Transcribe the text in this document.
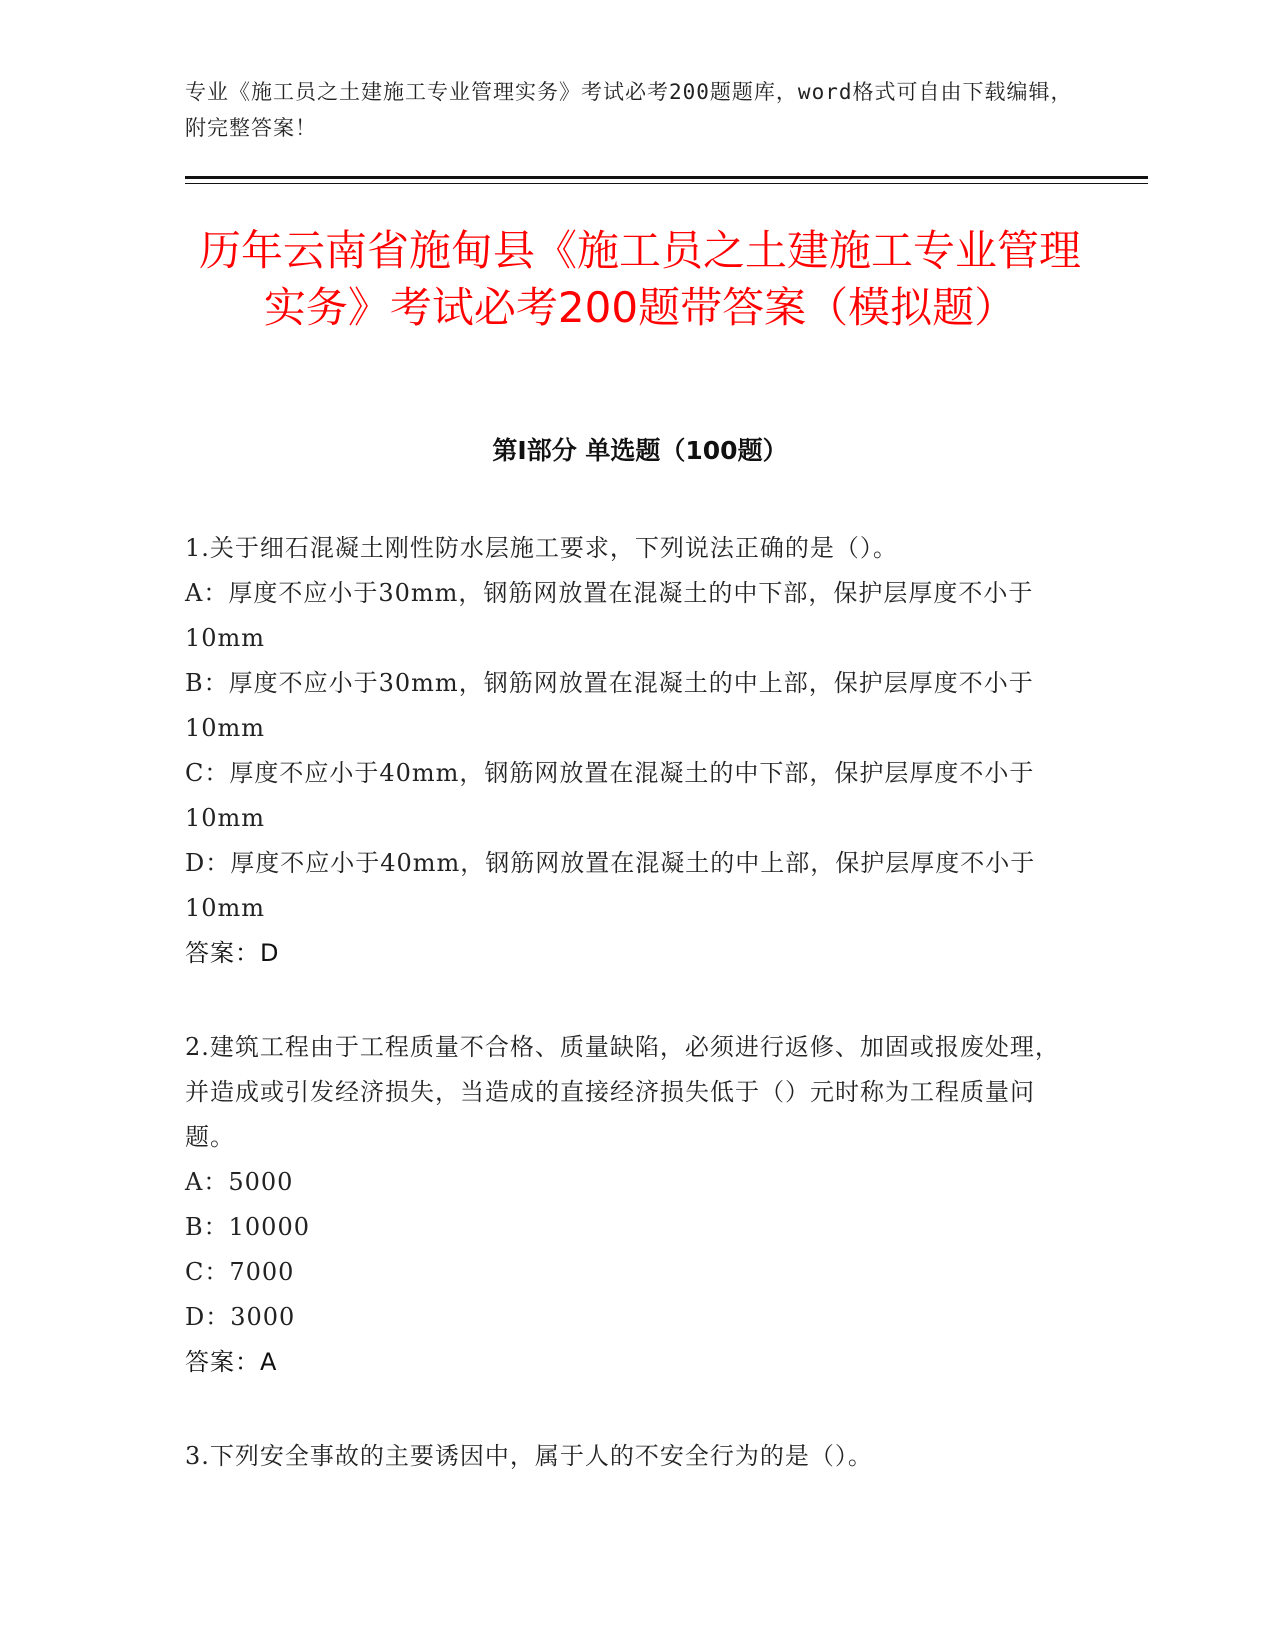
专业《施工员之土建施工专业管理实务》考试必考200题题库，word格式可自由下载编辑，附完整答案！
历年云南省施甸县《施工员之土建施工专业管理实务》考试必考200题带答案（模拟题）
第I部分 单选题（100题）
1.关于细石混凝土刚性防水层施工要求，下列说法正确的是（）。
A：厚度不应小于30mm，钢筋网放置在混凝土的中下部，保护层厚度不小于10mm
B：厚度不应小于30mm，钢筋网放置在混凝土的中上部，保护层厚度不小于10mm
C：厚度不应小于40mm，钢筋网放置在混凝土的中下部，保护层厚度不小于10mm
D：厚度不应小于40mm，钢筋网放置在混凝土的中上部，保护层厚度不小于10mm
答案：D
2.建筑工程由于工程质量不合格、质量缺陷，必须进行返修、加固或报废处理，并造成或引发经济损失，当造成的直接经济损失低于（）元时称为工程质量问题。
A：5000
B：10000
C：7000
D：3000
答案：A
3.下列安全事故的主要诱因中，属于人的不安全行为的是（）。
